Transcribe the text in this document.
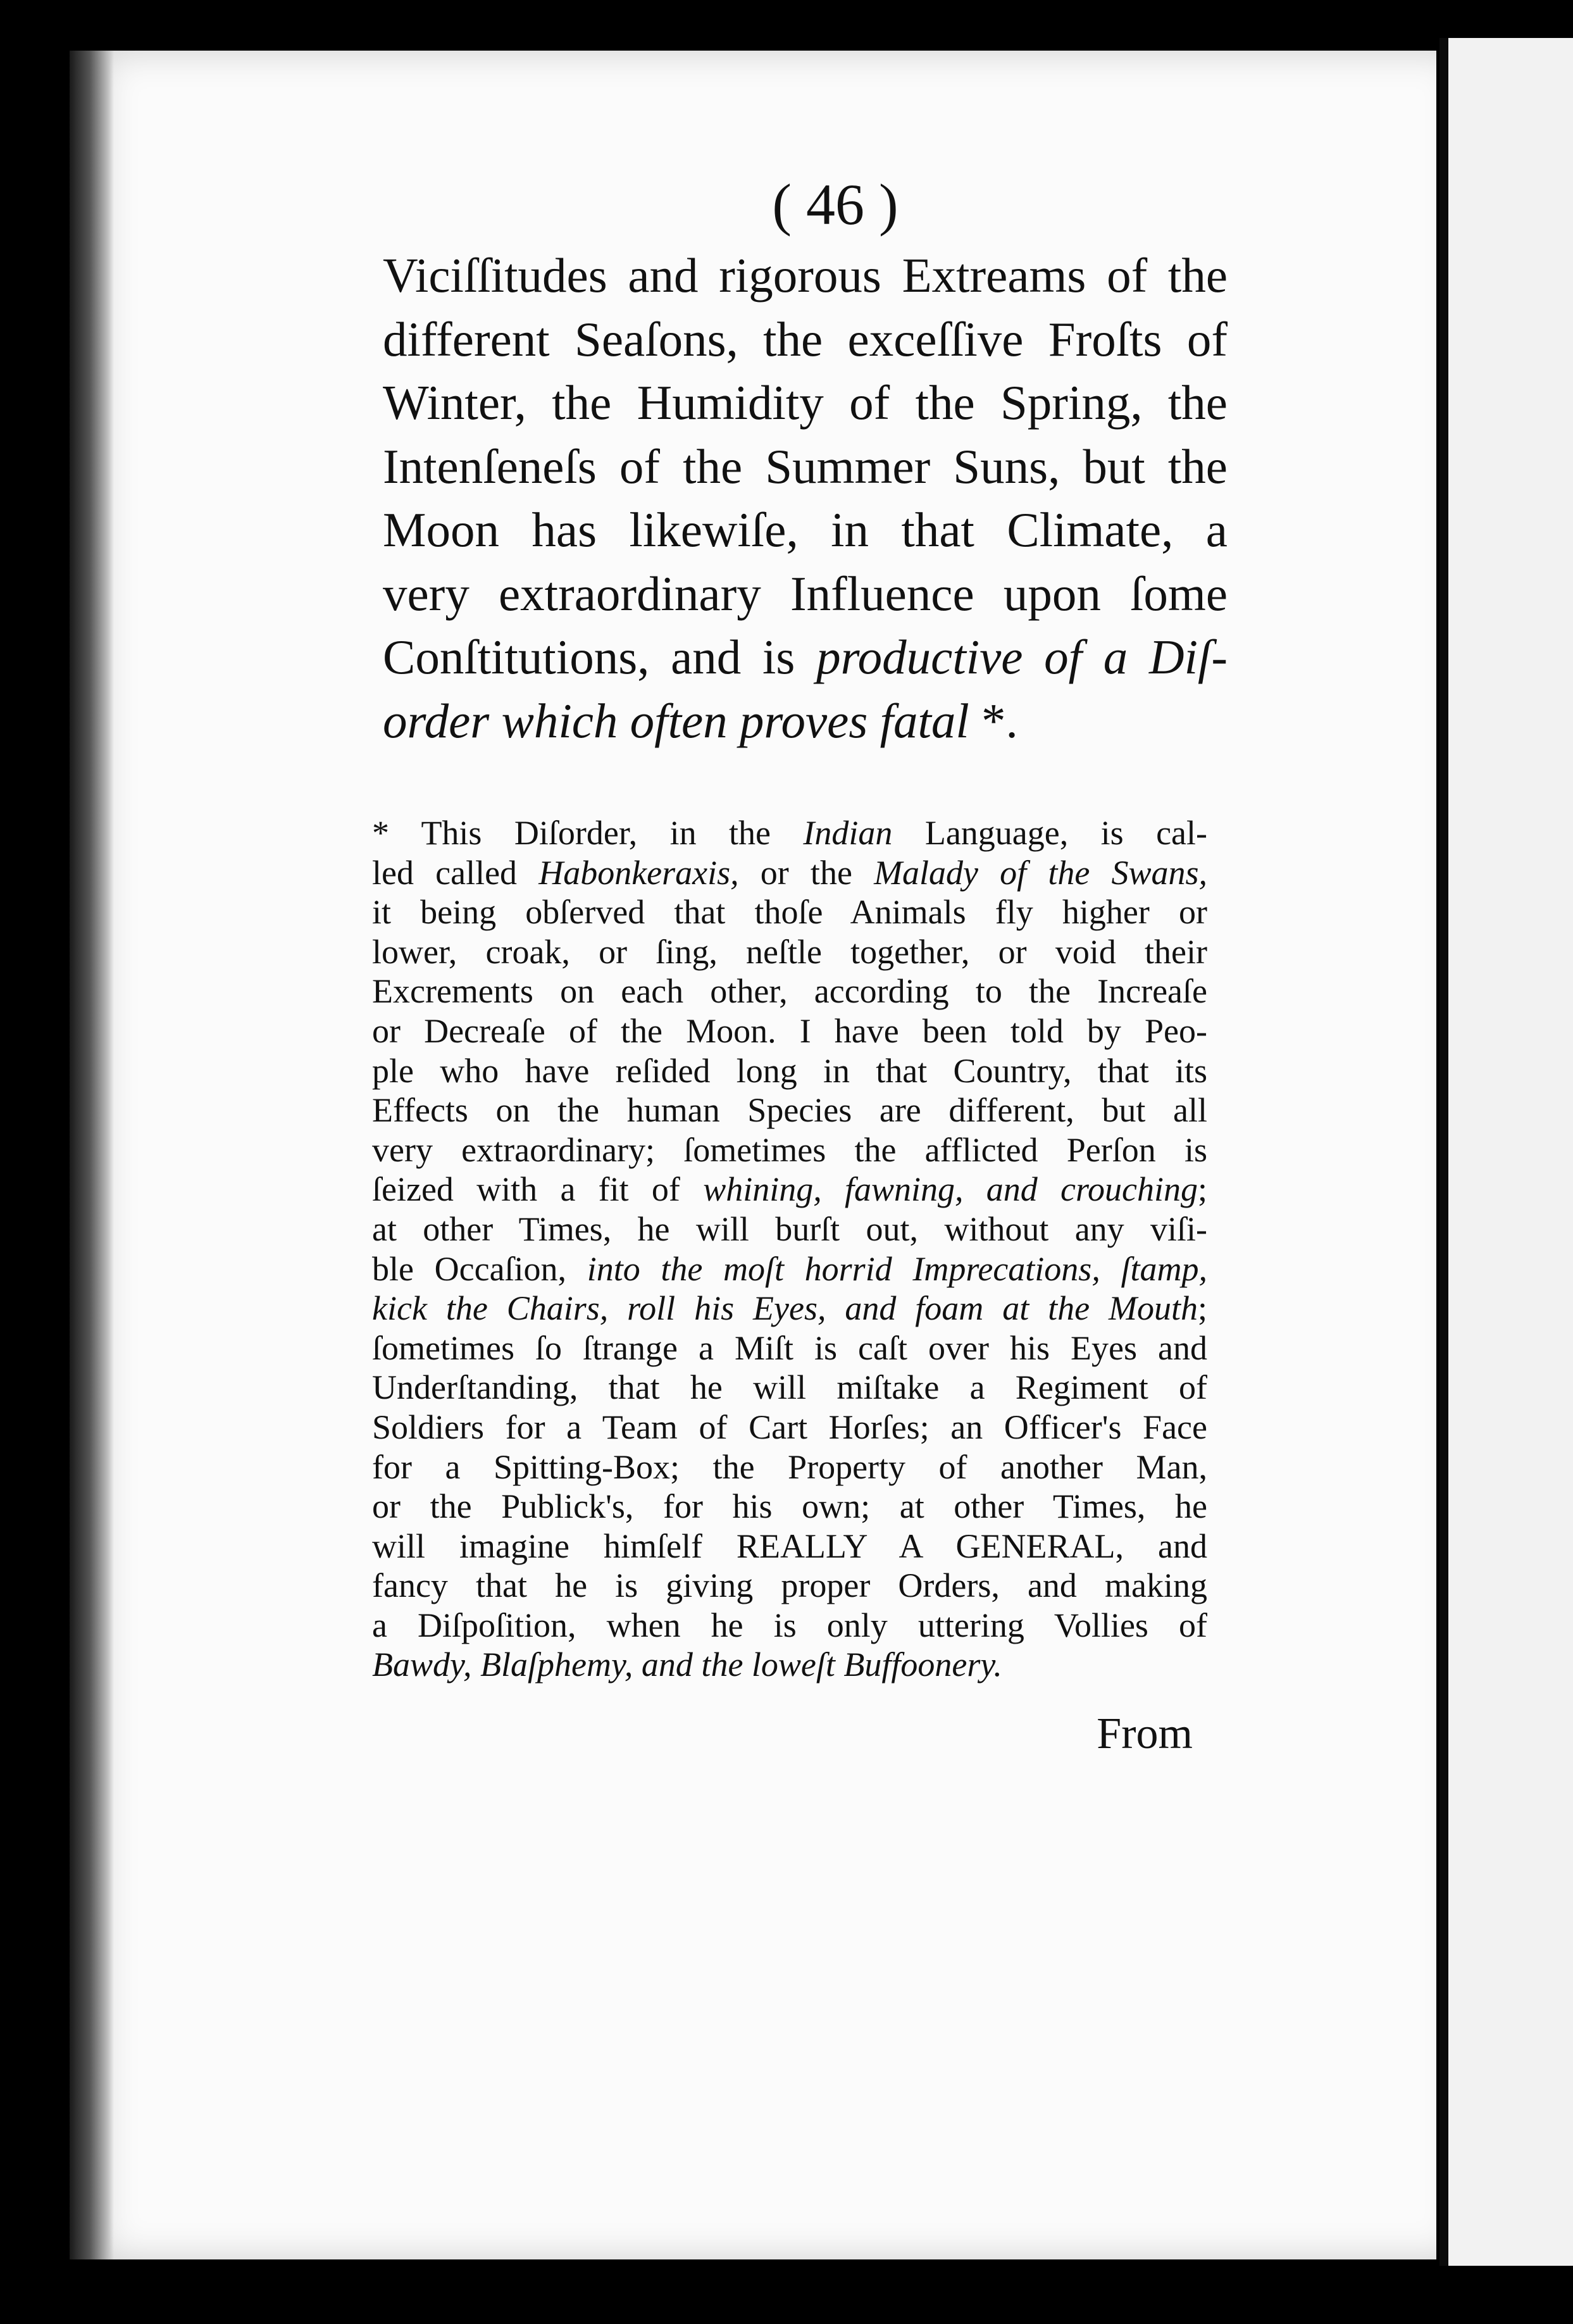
( 46 )
Viciſſitudes and rigorous Extreams of the
different Seaſons, the exceſſive Froſts of
Winter, the Humidity of the Spring, the
Intenſeneſs of the Summer Suns, but the
Moon has likewiſe, in that Climate, a
very extraordinary Influence upon ſome
Conſtitutions, and is productive of a Diſ-
order which often proves fatal *.
* This Diſorder, in the Indian Language, is cal-
led called Habonkeraxis, or the Malady of the Swans,
it being obſerved that thoſe Animals fly higher or
lower, croak, or ſing, neſtle together, or void their
Excrements on each other, according to the Increaſe
or Decreaſe of the Moon. I have been told by Peo-
ple who have reſided long in that Country, that its
Effects on the human Species are different, but all
very extraordinary; ſometimes the afflicted Perſon is
ſeized with a fit of whining, fawning, and crouching;
at other Times, he will burſt out, without any viſi-
ble Occaſion, into the moſt horrid Imprecations, ſtamp,
kick the Chairs, roll his Eyes, and foam at the Mouth;
ſometimes ſo ſtrange a Miſt is caſt over his Eyes and
Underſtanding, that he will miſtake a Regiment of
Soldiers for a Team of Cart Horſes; an Officer's Face
for a Spitting-Box; the Property of another Man,
or the Publick's, for his own; at other Times, he
will imagine himſelf REALLY A GENERAL, and
fancy that he is giving proper Orders, and making
a Diſpoſition, when he is only uttering Vollies of
Bawdy, Blaſphemy, and the loweſt Buffoonery.
From
